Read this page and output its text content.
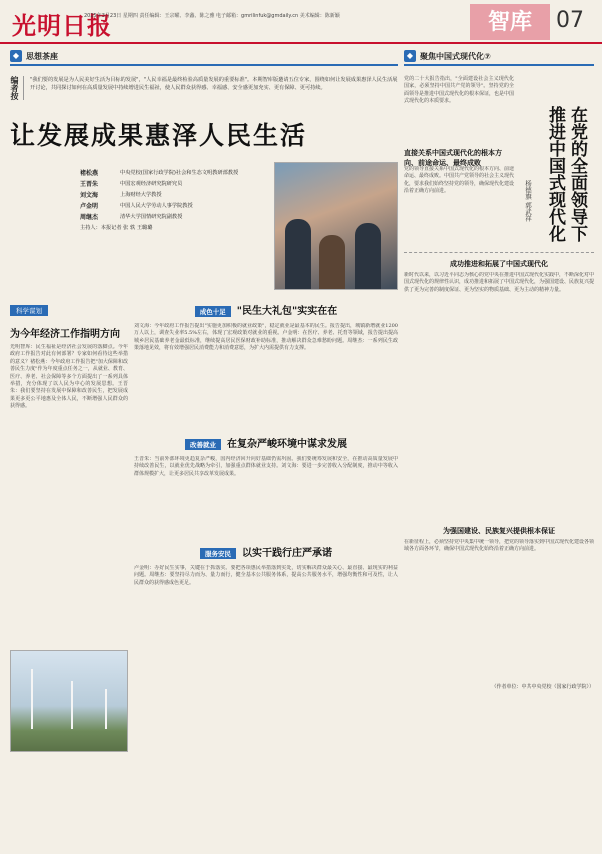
光明日报
2025年3月23日 星期四 责任编辑：王宗曜、李蠡、陈之雅 电子邮箱：gmrilinfuk@gmdaily.cn 美术编辑：陈新颖	智库	07
◆ 思想茶座
编者按	"我们要的发展是为人民美好生活为目标的发展"，"人民幸福是最终检验高质量发展的重要标准"。本期智库版邀请五位专家，围绕如何让发展成果惠泽人民生活展开讨论，共同探讨如何在高质量发展中持续增进民生福祉，使人民群众获得感、幸福感、安全感更加充实、更有保障、更可持续。
让发展成果惠泽人民生活
褚松燕	中央党校(国家行政学院)社会和生态文明教研部教授
王晋朱	中国宏观经济研究院研究员
刘文海	上海财经大学教授
卢金明	中国人民大学劳动人事学院教授
周继杰	清华大学国情研究院副教授
主持人：本报记者 张 轶 王璐璐
科学谋划
为今年经济工作指明方向
光明智库：民生福祉是经济社会发展的落脚点。今年政府工作报告对此有何部署？专家如何看待这些举措的意义？褚松燕：今年政府工作报告把"加大保障和改善民生力度"作为年度重点任务之一，从就业、教育、医疗、养老、社会保障等多个方面提出了一系列具体举措，充分体现了以人民为中心的发展思想。王晋朱：我们要坚持在发展中保障和改善民生，把发展成果更多更公平地惠及全体人民，不断增强人民群众的获得感。
成色十足 "民生大礼包"实实在在
刘文海：今年政府工作报告提出"实施更加积极的就业政策"，稳定就业是最基本的民生。报告提出，城镇新增就业1200万人以上，调查失业率5.5%左右，体现了宏观政策对就业的重视。卢金明：在医疗、养老、托育等领域，报告提出提高城乡居民基础养老金最低标准，继续提高居民医保财政补助标准，推动解决群众急难愁盼问题。周继杰：一系列民生政策落地见效，将有效增强居民消费能力和消费意愿，为扩大内需提供有力支撑。
改善就业 在复杂严峻环境中谋求发展
王晋朱：当前外部环境更趋复杂严峻，国内经济回升向好基础仍需巩固。我们要统筹发展和安全，在推动高质量发展中持续改善民生，以就业优先战略为牵引，加强重点群体就业支持。刘文海：要进一步完善收入分配制度，推动中等收入群体规模扩大，让更多居民共享改革发展成果。
服务安民 以实干践行庄严承诺
卢金明：办好民生实事，关键在于抓落实。要把各项惠民举措落到实处，切实解决群众最关心、最直接、最现实的利益问题。周继杰：要坚持尽力而为、量力而行，健全基本公共服务体系，提高公共服务水平，增强均衡性和可及性，让人民群众的获得感成色更足。
◆ 聚焦中国式现代化⑦
党的二十大报告指出，"全面建设社会主义现代化国家，必须坚持中国共产党的领导"。坚持党的全面领导是推进中国式现代化的根本保证，也是中国式现代化的本质要求。
直接关系中国式现代化的根本方向、前途命运、最终成败
党的领导直接关系中国式现代化的根本方向、前途命运、最终成败。中国共产党领导的社会主义现代化，要求我们始终坚持党的领导，确保现代化建设沿着正确方向前进。	在党的全面领导下推进中国式现代化
杨德旗 郭武祥
成功推进和拓展了中国式现代化
新时代以来，以习近平同志为核心的党中央在推进中国式现代化实践中，不断深化对中国式现代化的规律性认识，成功推进和拓展了中国式现代化，为强国建设、民族复兴提供了更为完善的制度保证、更为坚实的物质基础、更为主动的精神力量。
为强国建设、民族复兴提供根本保证
在新征程上，必须坚持党中央集中统一领导，把党的领导落实到中国式现代化建设各领域各方面各环节，确保中国式现代化始终沿着正确方向前进。
（作者单位：中共中央党校（国家行政学院））
